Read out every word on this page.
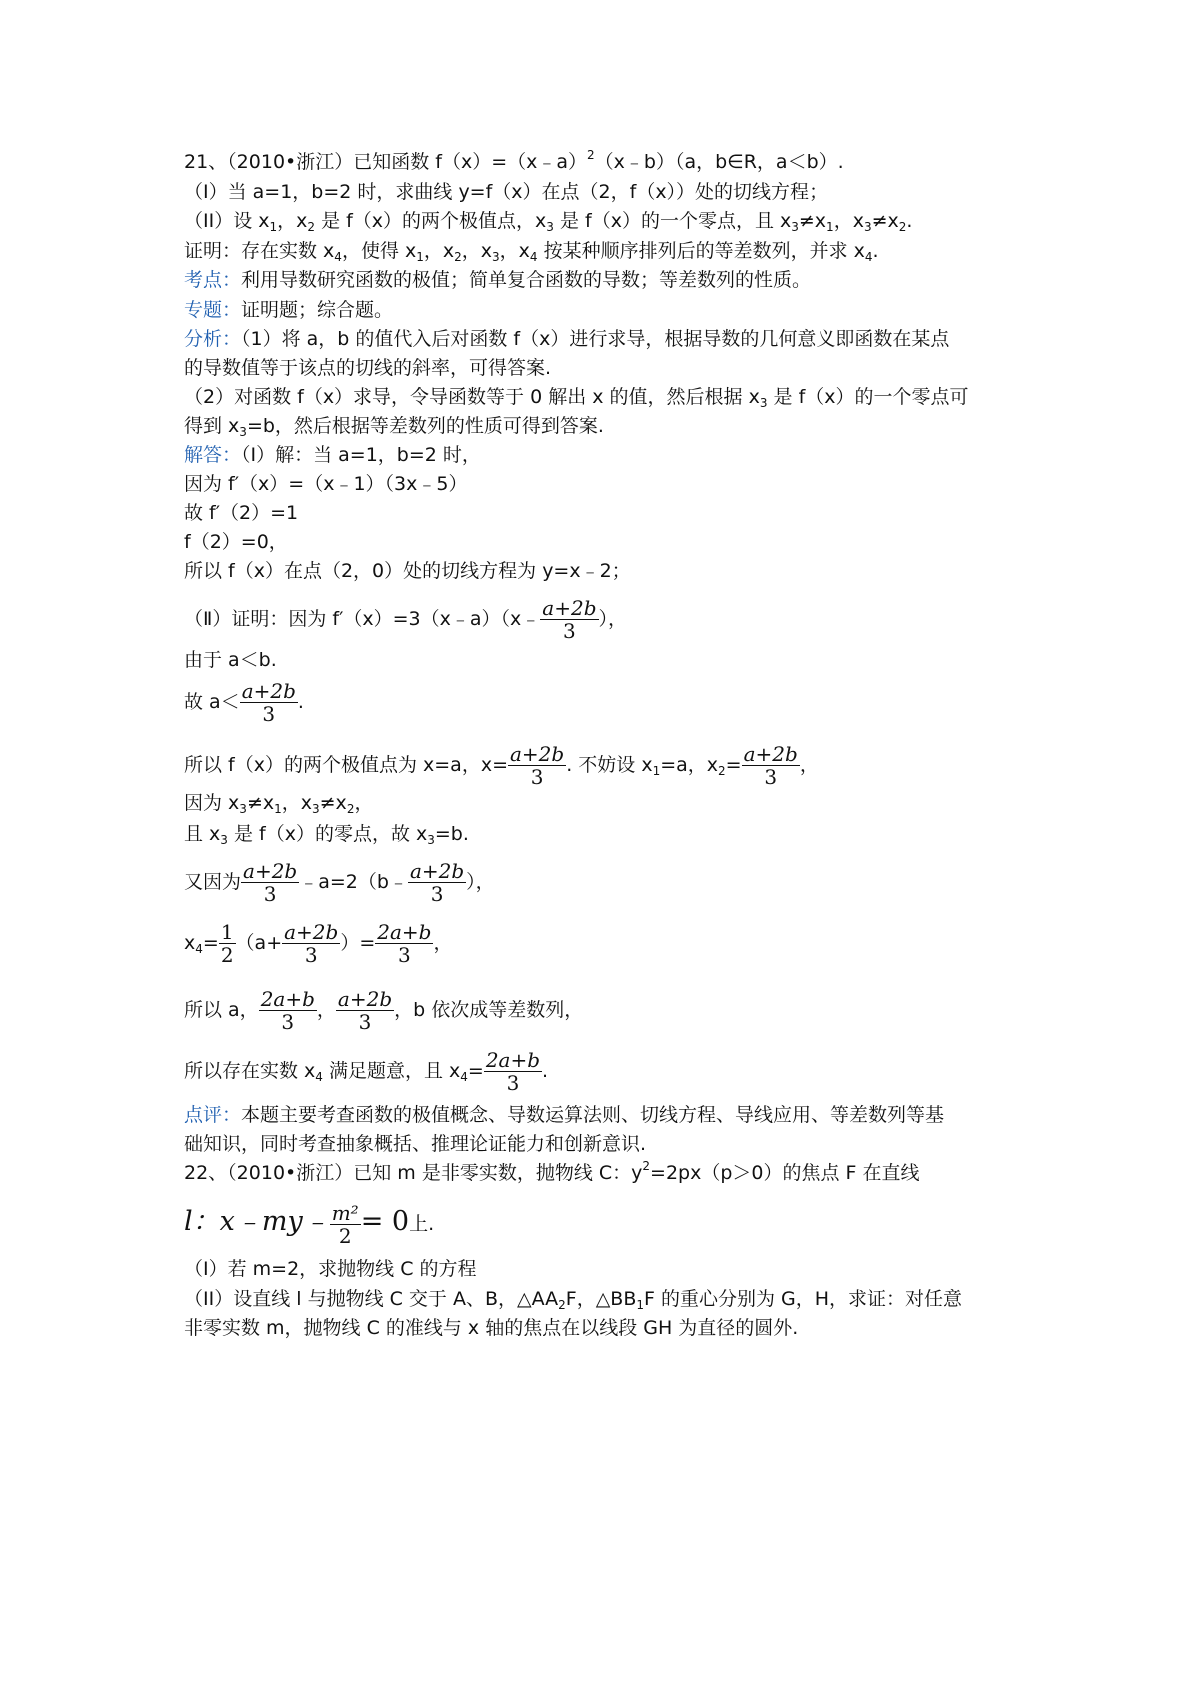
21、（2010•浙江）已知函数 f（x）=（x﹣a）$^2$（x﹣b）（a，b∈R，a＜b）.
（I）当 a=1，b=2 时，求曲线 y=f（x）在点（2，f（x））处的切线方程；
（II）设 $x_1$，$x_2$ 是 f（x）的两个极值点，$x_3$ 是 f（x）的一个零点，且 $x_3\ne x_1$，$x_3\ne x_2$.
证明：存在实数 $x_4$，使得 $x_1$，$x_2$，$x_3$，$x_4$ 按某种顺序排列后的等差数列，并求 $x_4$.
考点：利用导数研究函数的极值；简单复合函数的导数；等差数列的性质。
专题：证明题；综合题。
分析：（1）将 a，b 的值代入后对函数 f（x）进行求导，根据导数的几何意义即函数在某点
的导数值等于该点的切线的斜率，可得答案.
（2）对函数 f（x）求导，令导函数等于 0 解出 x 的值，然后根据 $x_3$ 是 f（x）的一个零点可
得到 $x_3=b$，然后根据等差数列的性质可得到答案.
解答：（Ⅰ）解：当 a=1，b=2 时，
因为 f′（x）=（x﹣1）（3x﹣5）
故 f′（2）=1
f（2）=0，
所以 f（x）在点（2，0）处的切线方程为 y=x﹣2；
（Ⅱ）证明：因为 f′（x）=3（x﹣a）（x﹣ $\frac{a+2b}{3}$ ），
由于 a＜b.
故 $a< \frac{a+2b}{3}$ .
所以 f（x）的两个极值点为 x=a，$x= \frac{a+2b}{3}$ . 不妨设 $x_1=a$，$x_2= \frac{a+2b}{3}$ ，
因为 $x_3\ne x_1$，$x_3\ne x_2$，
且 $x_3$ 是 f（x）的零点，故 $x_3=b$.
又因为 $\frac{a+2b}{3}$ ﹣a=2（b﹣ $\frac{a+2b}{3}$ ），
$x_4= \frac{1}{2} (a+ \frac{a+2b}{3}$ ）= $\frac{2a+b}{3}$ ，
所以 a， $\frac{2a+b}{3}$ ， $\frac{a+2b}{3}$ ，b 依次成等差数列，
所以存在实数 $x_4$ 满足题意，且 $x_4= \frac{2a+b}{3}$ .
点评：本题主要考查函数的极值概念、导数运算法则、切线方程、导线应用、等差数列等基
础知识，同时考查抽象概括、推理论证能力和创新意识.
22、（2010•浙江）已知 m 是非零实数，抛物线 C：$y^2=2px(p>0)$的焦点 F 在直线
l：x﹣my﹣ $\frac{\text{m²}}{2} = 0$上.
（I）若 m=2，求抛物线 C 的方程
（II）设直线 l 与抛物线 C 交于 A、B，$\triangle AA_2F$，$\triangle BB_1F$ 的重心分别为 G，H，求证：对任意
非零实数 m，抛物线 C 的准线与 x 轴的焦点在以线段 GH 为直径的圆外.
